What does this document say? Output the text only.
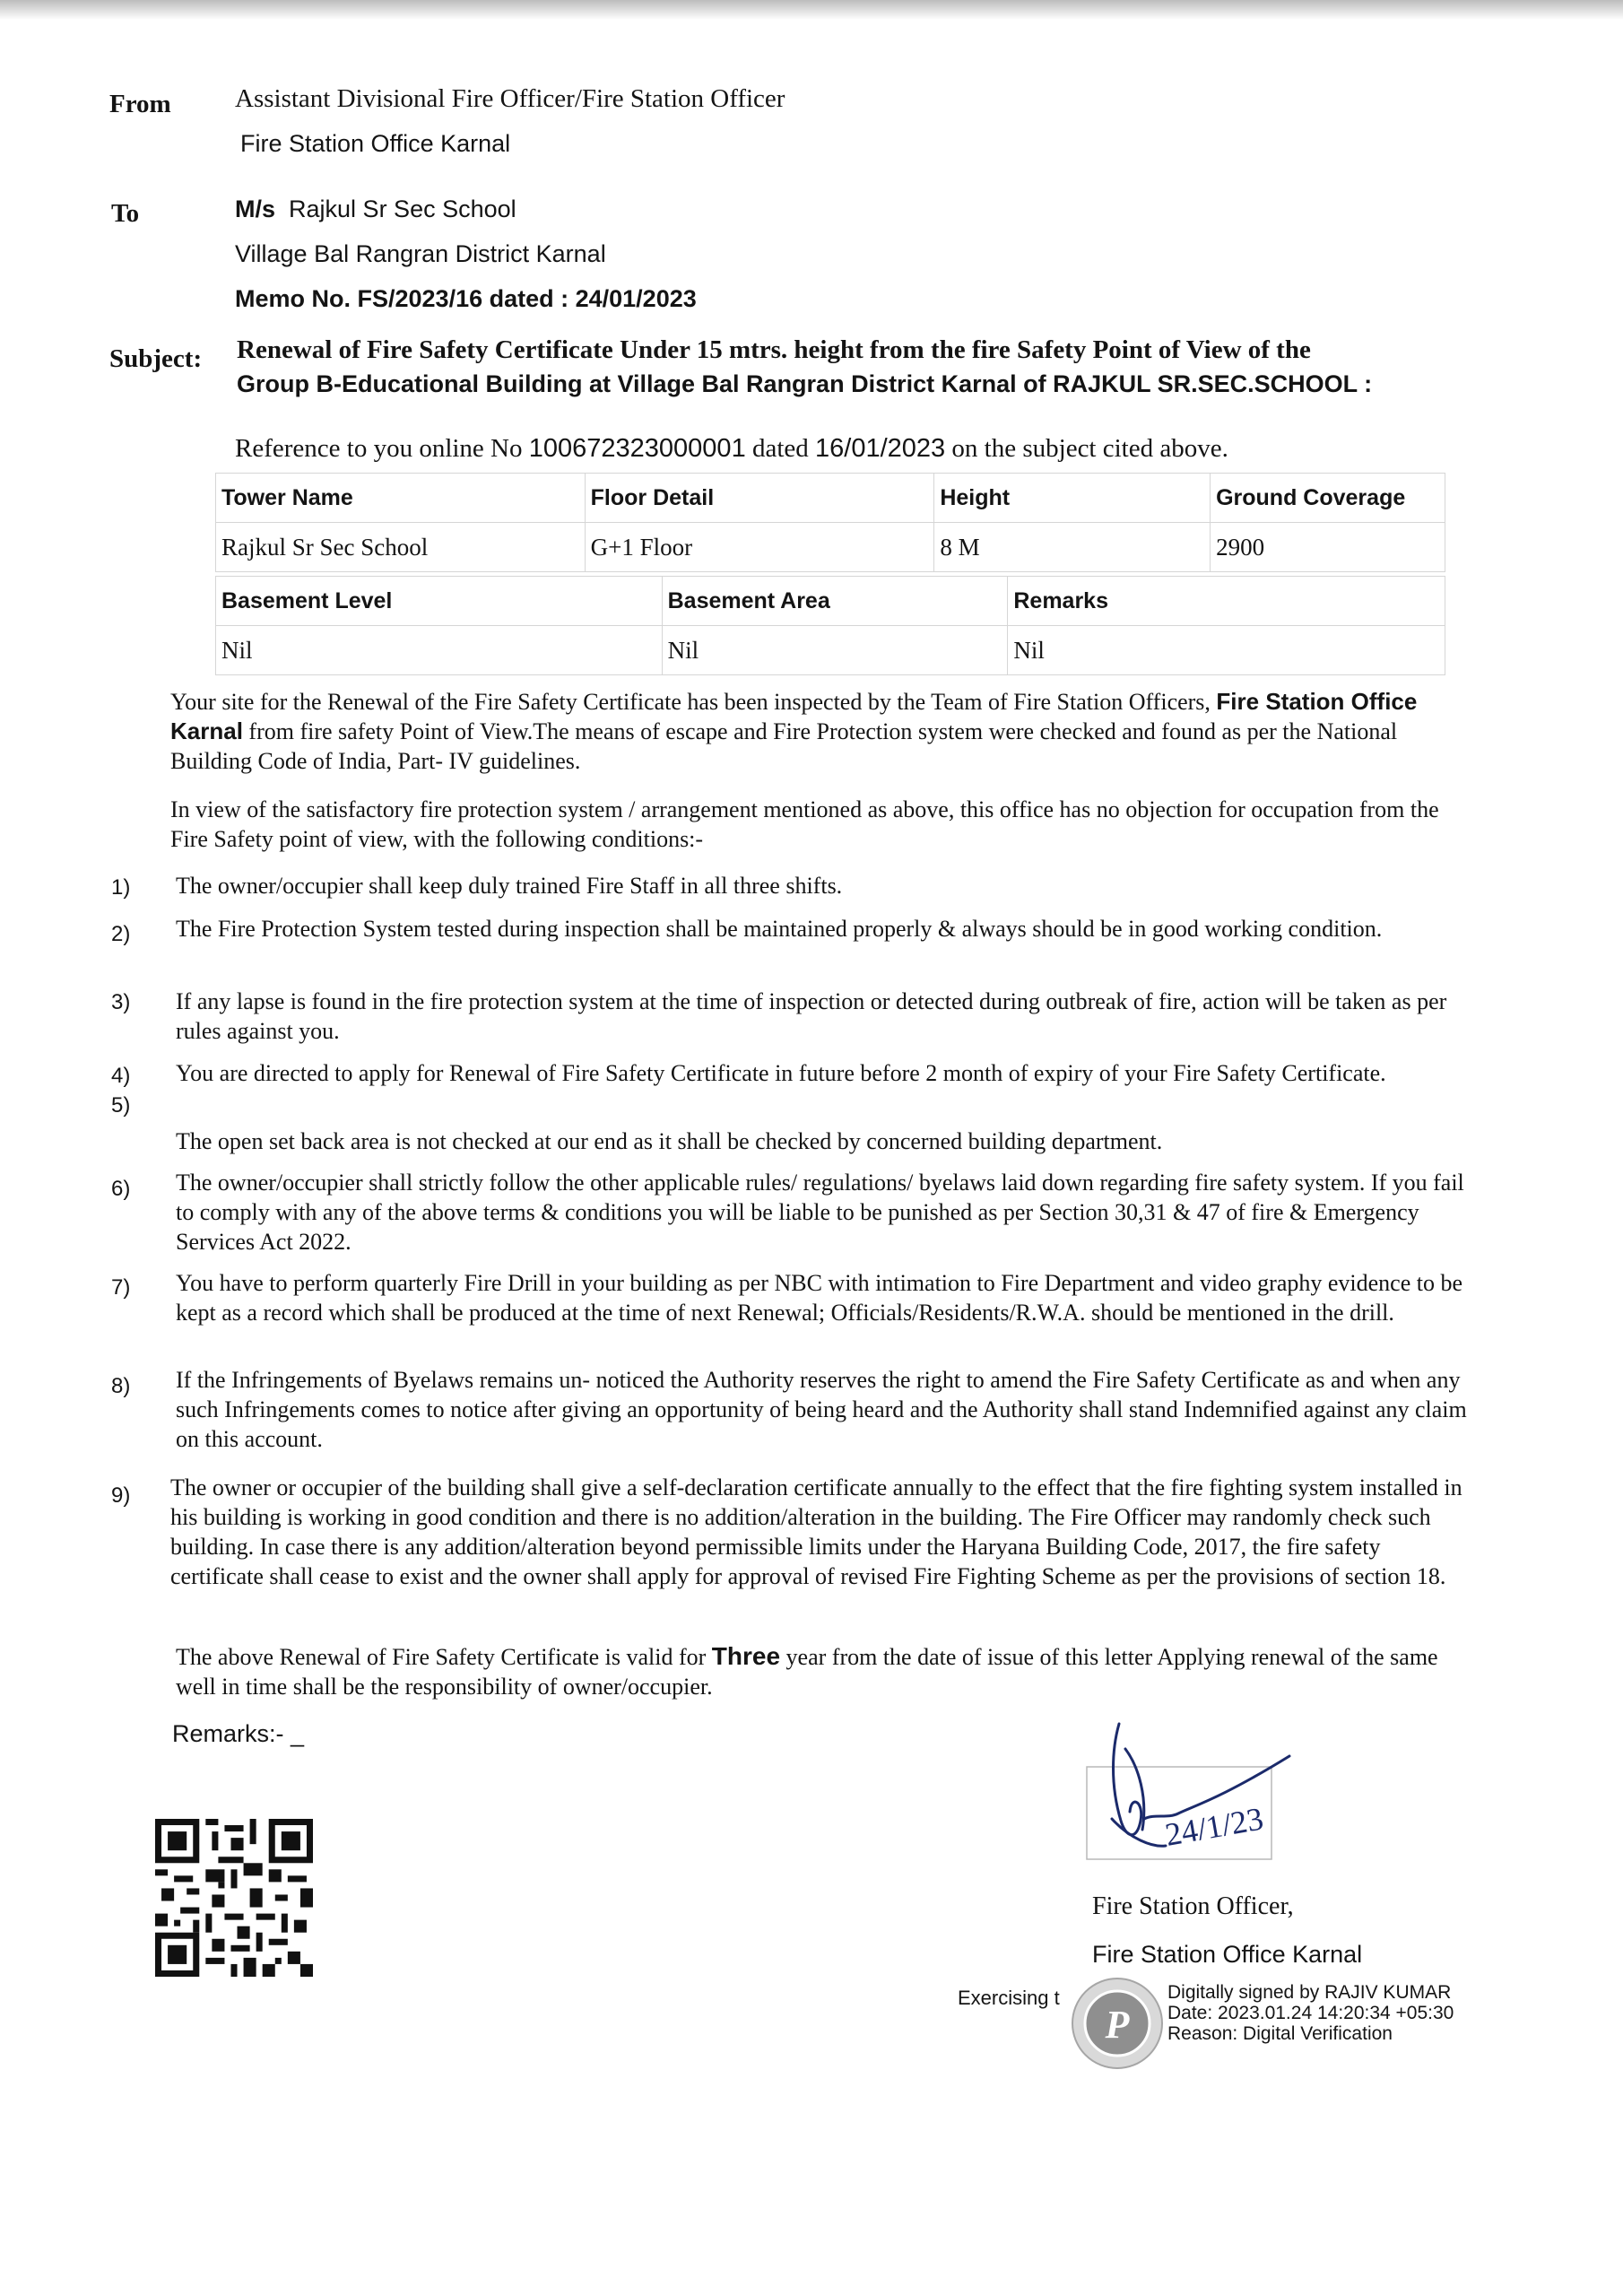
From Assistant Divisional Fire Officer/Fire Station Officer
Fire Station Office Karnal
To	M/s Rajkul Sr Sec School
Village Bal Rangran District Karnal
Memo No. FS/2023/16 dated : 24/01/2023
Subject: Renewal of Fire Safety Certificate Under 15 mtrs. height from the fire Safety Point of View of the
Group B-Educational Building at Village Bal Rangran District Karnal of RAJKUL SR.SEC.SCHOOL :
Reference to you online No 100672323000001 dated 16/01/2023 on the subject cited above.
Tower Name	Floor Detail	Height	Ground Coverage
Rajkul Sr Sec School	G+1 Floor	8 M	2900
Basement Level	Basement Area	Remarks
Nil	Nil	Nil
Your site for the Renewal of the Fire Safety Certificate has been inspected by the Team of Fire Station Officers, Fire Station Office Karnal from fire safety Point of View.The means of escape and Fire Protection system were checked and found as per the National Building Code of India, Part- IV guidelines.
In view of the satisfactory fire protection system / arrangement mentioned as above, this office has no objection for occupation from the Fire Safety point of view, with the following conditions:-
1) The owner/occupier shall keep duly trained Fire Staff in all three shifts.
2) The Fire Protection System tested during inspection shall be maintained properly & always should be in good working condition.
3) If any lapse is found in the fire protection system at the time of inspection or detected during outbreak of fire, action will be taken as per rules against you.
4) You are directed to apply for Renewal of Fire Safety Certificate in future before 2 month of expiry of your Fire Safety Certificate.
5)
The open set back area is not checked at our end as it shall be checked by concerned building department.
6) The owner/occupier shall strictly follow the other applicable rules/ regulations/ byelaws laid down regarding fire safety system. If you fail to comply with any of the above terms & conditions you will be liable to be punished as per Section 30,31 & 47 of fire & Emergency Services Act 2022.
7) You have to perform quarterly Fire Drill in your building as per NBC with intimation to Fire Department and video graphy evidence to be kept as a record which shall be produced at the time of next Renewal; Officials/Residents/R.W.A. should be mentioned in the drill.
8) If the Infringements of Byelaws remains un- noticed the Authority reserves the right to amend the Fire Safety Certificate as and when any such Infringements comes to notice after giving an opportunity of being heard and the Authority shall stand Indemnified against any claim on this account.
9) The owner or occupier of the building shall give a self-declaration certificate annually to the effect that the fire fighting system installed in his building is working in good condition and there is no addition/alteration in the building. The Fire Officer may randomly check such building. In case there is any addition/alteration beyond permissible limits under the Haryana Building Code, 2017, the fire safety certificate shall cease to exist and the owner shall apply for approval of revised Fire Fighting Scheme as per the provisions of section 18.
The above Renewal of Fire Safety Certificate is valid for Three year from the date of issue of this letter Applying renewal of the same well in time shall be the responsibility of owner/occupier.
Remarks:- _
24/1/23
Fire Station Officer,
Fire Station Office Karnal
Exercising t
P
Digitally signed by RAJIV KUMAR
Date: 2023.01.24 14:20:34 +05:30
Reason: Digital Verification
